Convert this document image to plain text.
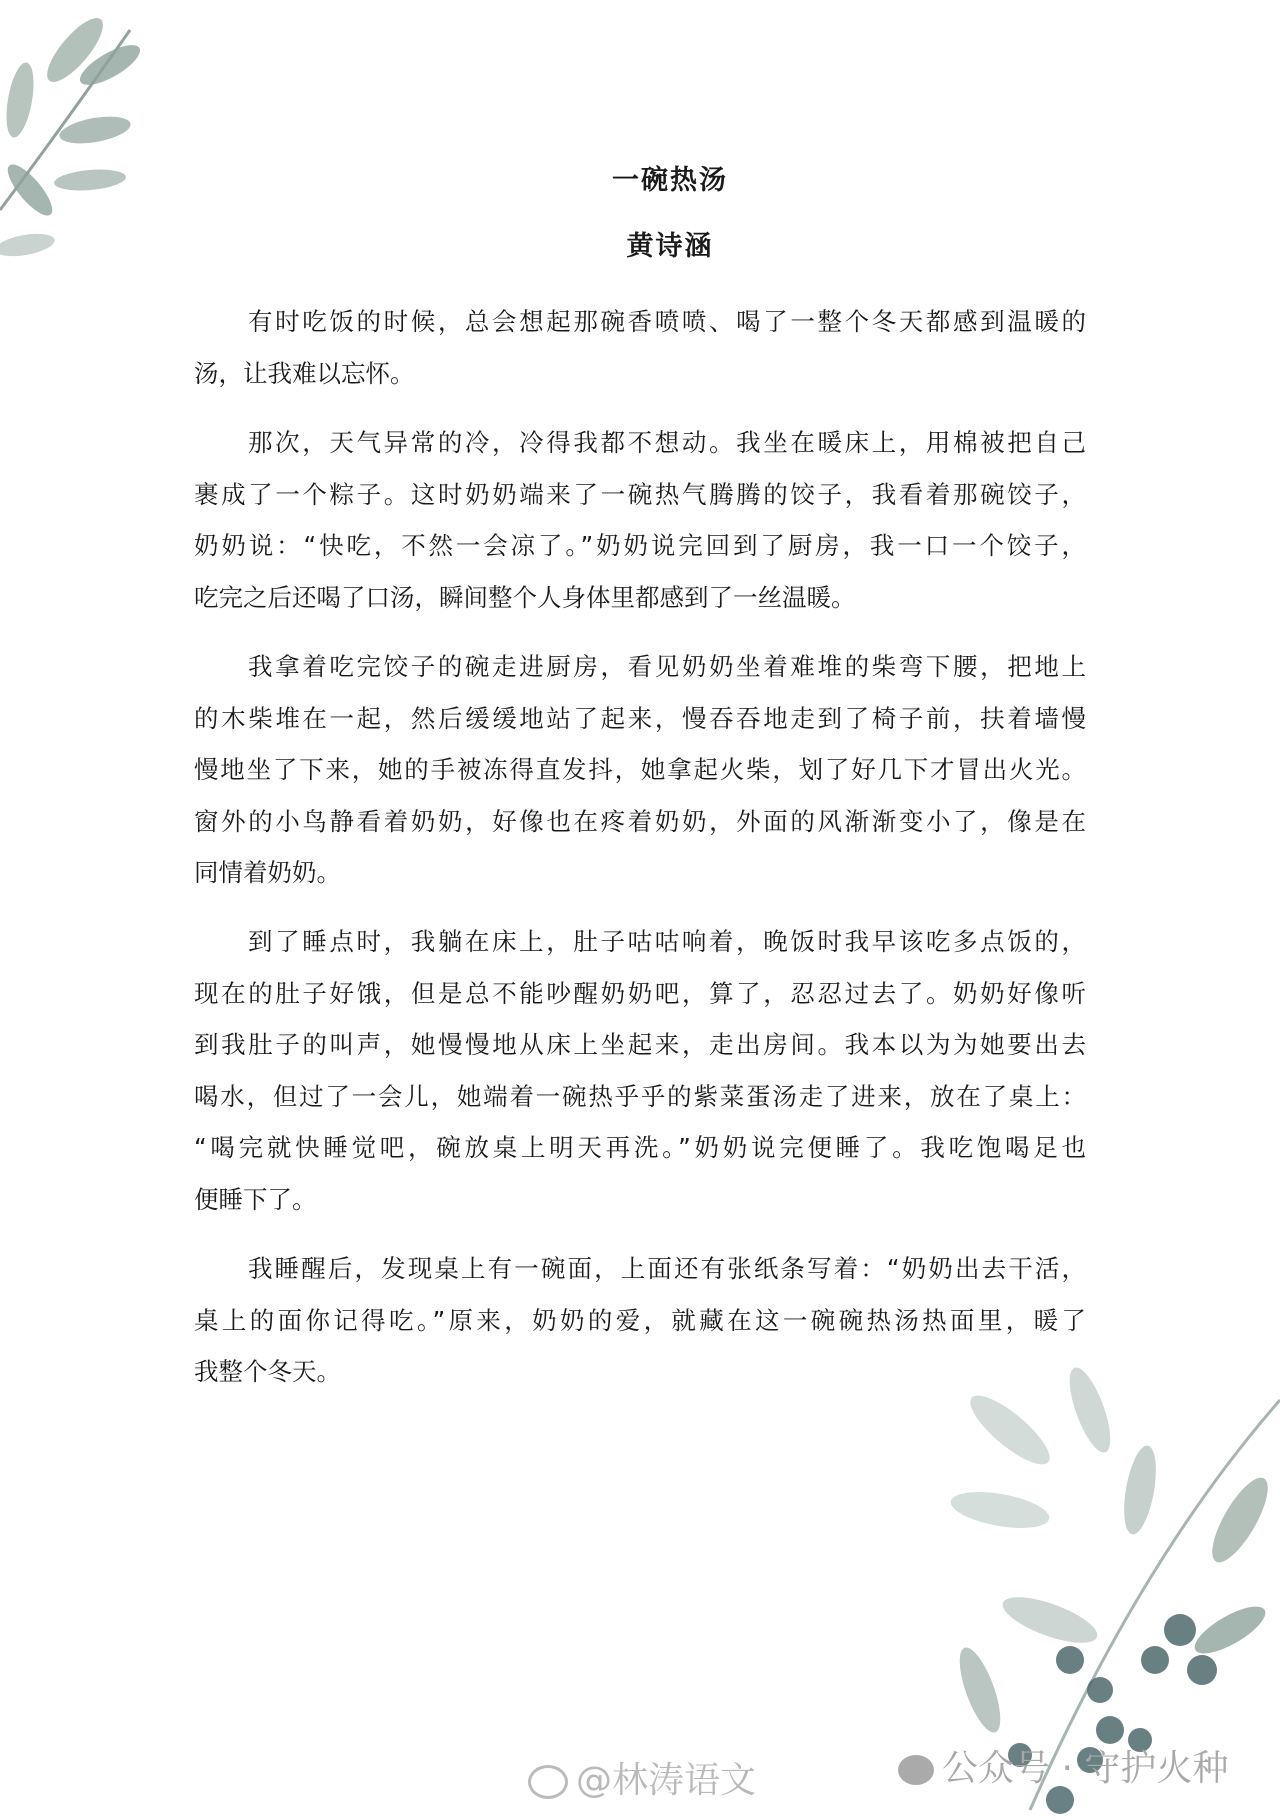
一碗热汤
黄诗涵
有时吃饭的时候，总会想起那碗香喷喷、喝了一整个冬天都感到温暖的
汤，让我难以忘怀。
那次，天气异常的冷，冷得我都不想动。我坐在暖床上，用棉被把自己
裹成了一个粽子。这时奶奶端来了一碗热气腾腾的饺子，我看着那碗饺子，
奶奶说：“快吃，不然一会凉了。”奶奶说完回到了厨房，我一口一个饺子，
吃完之后还喝了口汤，瞬间整个人身体里都感到了一丝温暖。
我拿着吃完饺子的碗走进厨房，看见奶奶坐着难堆的柴弯下腰，把地上
的木柴堆在一起，然后缓缓地站了起来，慢吞吞地走到了椅子前，扶着墙慢
慢地坐了下来，她的手被冻得直发抖，她拿起火柴，划了好几下才冒出火光。
窗外的小鸟静看着奶奶，好像也在疼着奶奶，外面的风渐渐变小了，像是在
同情着奶奶。
到了睡点时，我躺在床上，肚子咕咕响着，晚饭时我早该吃多点饭的，
现在的肚子好饿，但是总不能吵醒奶奶吧，算了，忍忍过去了。奶奶好像听
到我肚子的叫声，她慢慢地从床上坐起来，走出房间。我本以为为她要出去
喝水，但过了一会儿，她端着一碗热乎乎的紫菜蛋汤走了进来，放在了桌上：
“喝完就快睡觉吧，碗放桌上明天再洗。”奶奶说完便睡了。我吃饱喝足也
便睡下了。
我睡醒后，发现桌上有一碗面，上面还有张纸条写着：“奶奶出去干活，
桌上的面你记得吃。”原来，奶奶的爱，就藏在这一碗碗热汤热面里，暖了
我整个冬天。
@林涛语文	公众号 · 守护火种
